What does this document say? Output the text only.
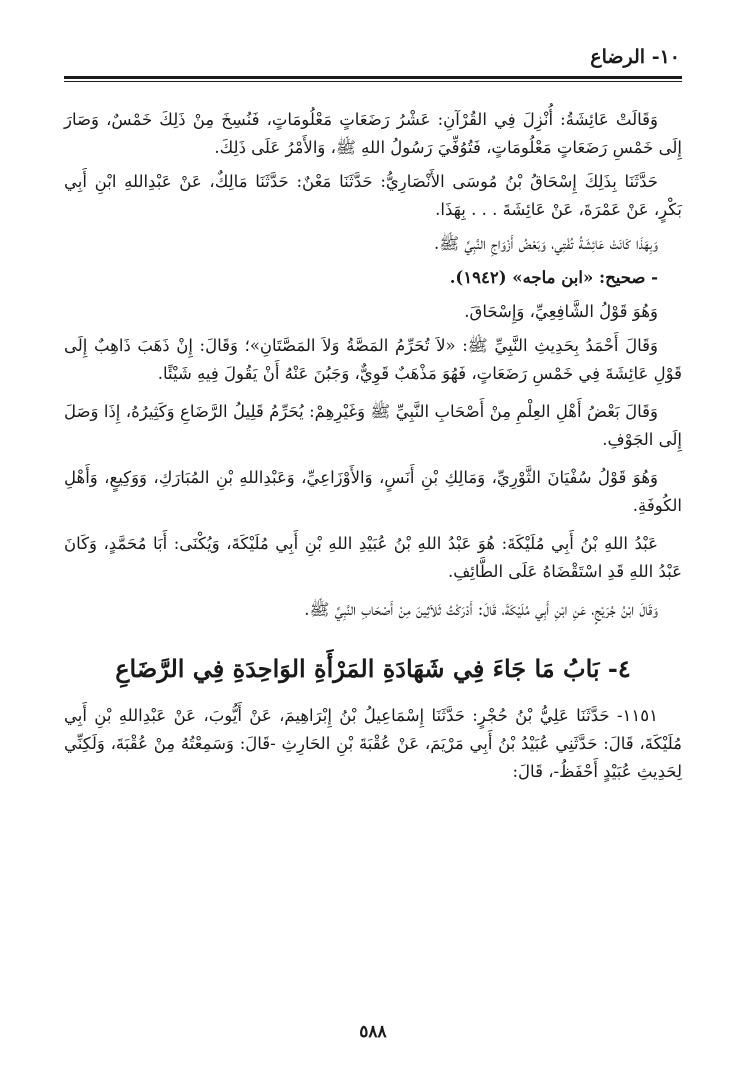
١٠- الرضاع

وَقَالَتْ عَائِشَةُ: أُنْزِلَ فِي القُرْآنِ: عَشْرُ رَضَعَاتٍ مَعْلُومَاتٍ، فَنُسِخَ مِنْ ذَلِكَ خَمْسٌ، وَصَارَ إِلَى خَمْسِ رَضَعَاتٍ مَعْلُومَاتٍ، فَتُوُفِّيَ رَسُولُ اللهِ ﷺ، وَالأَمْرُ عَلَى ذَلِكَ.

حَدَّثَنَا بِذَلِكَ إِسْحَاقُ بْنُ مُوسَى الأَنْصَارِيُّ: حَدَّثَنَا مَعْنٌ: حَدَّثَنَا مَالِكٌ، عَنْ عَبْدِاللهِ ابْنِ أَبِي بَكْرٍ، عَنْ عَمْرَةَ، عَنْ عَائِشَةَ . . . بِهَذَا.

وَبِهَذَا كَانَتْ عَائِشَةُ تُفْتِي، وَبَعْضُ أَزْوَاجِ النَّبِيِّ ﷺ.

- صحيح: «ابن ماجه» (١٩٤٢).

وَهُوَ قَوْلُ الشَّافِعِيِّ، وَإِسْحَاقَ.

وَقَالَ أَحْمَدُ بِحَدِيثِ النَّبِيِّ ﷺ: «لاَ تُحَرِّمُ المَصَّةُ وَلاَ المَصَّتَانِ»؛ وَقَالَ: إِنْ ذَهَبَ ذَاهِبٌ إِلَى قَوْلِ عَائِشَةَ فِي خَمْسِ رَضَعَاتٍ، فَهُوَ مَذْهَبٌ قَوِيٌّ، وَجَبُنَ عَنْهُ أَنْ يَقُولَ فِيهِ شَيْئًا.

وَقَالَ بَعْضُ أَهْلِ العِلْمِ مِنْ أَصْحَابِ النَّبِيِّ ﷺ وَغَيْرِهِمْ: يُحَرِّمُ قَلِيلُ الرَّضَاعِ وَكَثِيرُهُ، إِذَا وَصَلَ إِلَى الجَوْفِ.

وَهُوَ قَوْلُ سُفْيَانَ الثَّوْرِيِّ، وَمَالِكِ بْنِ أَنَسٍ، وَالأَوْزَاعِيِّ، وَعَبْدِاللهِ بْنِ المُبَارَكِ، وَوَكِيعٍ، وَأَهْلِ الكُوفَةِ.

عَبْدُ اللهِ بْنُ أَبِي مُلَيْكَةَ: هُوَ عَبْدُ اللهِ بْنُ عُبَيْدِ اللهِ بْنِ أَبِي مُلَيْكَةَ، وَيُكْنَى: أَبَا مُحَمَّدٍ، وَكَانَ عَبْدُ اللهِ قَدِ اسْتَقْضَاهُ عَلَى الطَّائِفِ.

وَقَالَ ابْنُ جُرَيْجٍ، عَنِ ابْنِ أَبِي مُلَيْكَةَ، قَالَ: أَدْرَكْتُ ثَلاَثِينَ مِنْ أَصْحَابِ النَّبِيِّ ﷺ.

٤- بَابُ مَا جَاءَ فِي شَهَادَةِ المَرْأَةِ الوَاحِدَةِ فِي الرَّضَاعِ

١١٥١- حَدَّثَنَا عَلِيُّ بْنُ حُجْرٍ: حَدَّثَنَا إِسْمَاعِيلُ بْنُ إِبْرَاهِيمَ، عَنْ أَيُّوبَ، عَنْ عَبْدِاللهِ بْنِ أَبِي مُلَيْكَةَ، قَالَ: حَدَّثَنِي عُبَيْدُ بْنُ أَبِي مَرْيَمَ، عَنْ عُقْبَةَ بْنِ الحَارِثِ -قَالَ: وَسَمِعْتُهُ مِنْ عُقْبَةَ، وَلَكِنِّي لِحَدِيثِ عُبَيْدٍ أَحْفَظُ-، قَالَ:

٥٨٨
